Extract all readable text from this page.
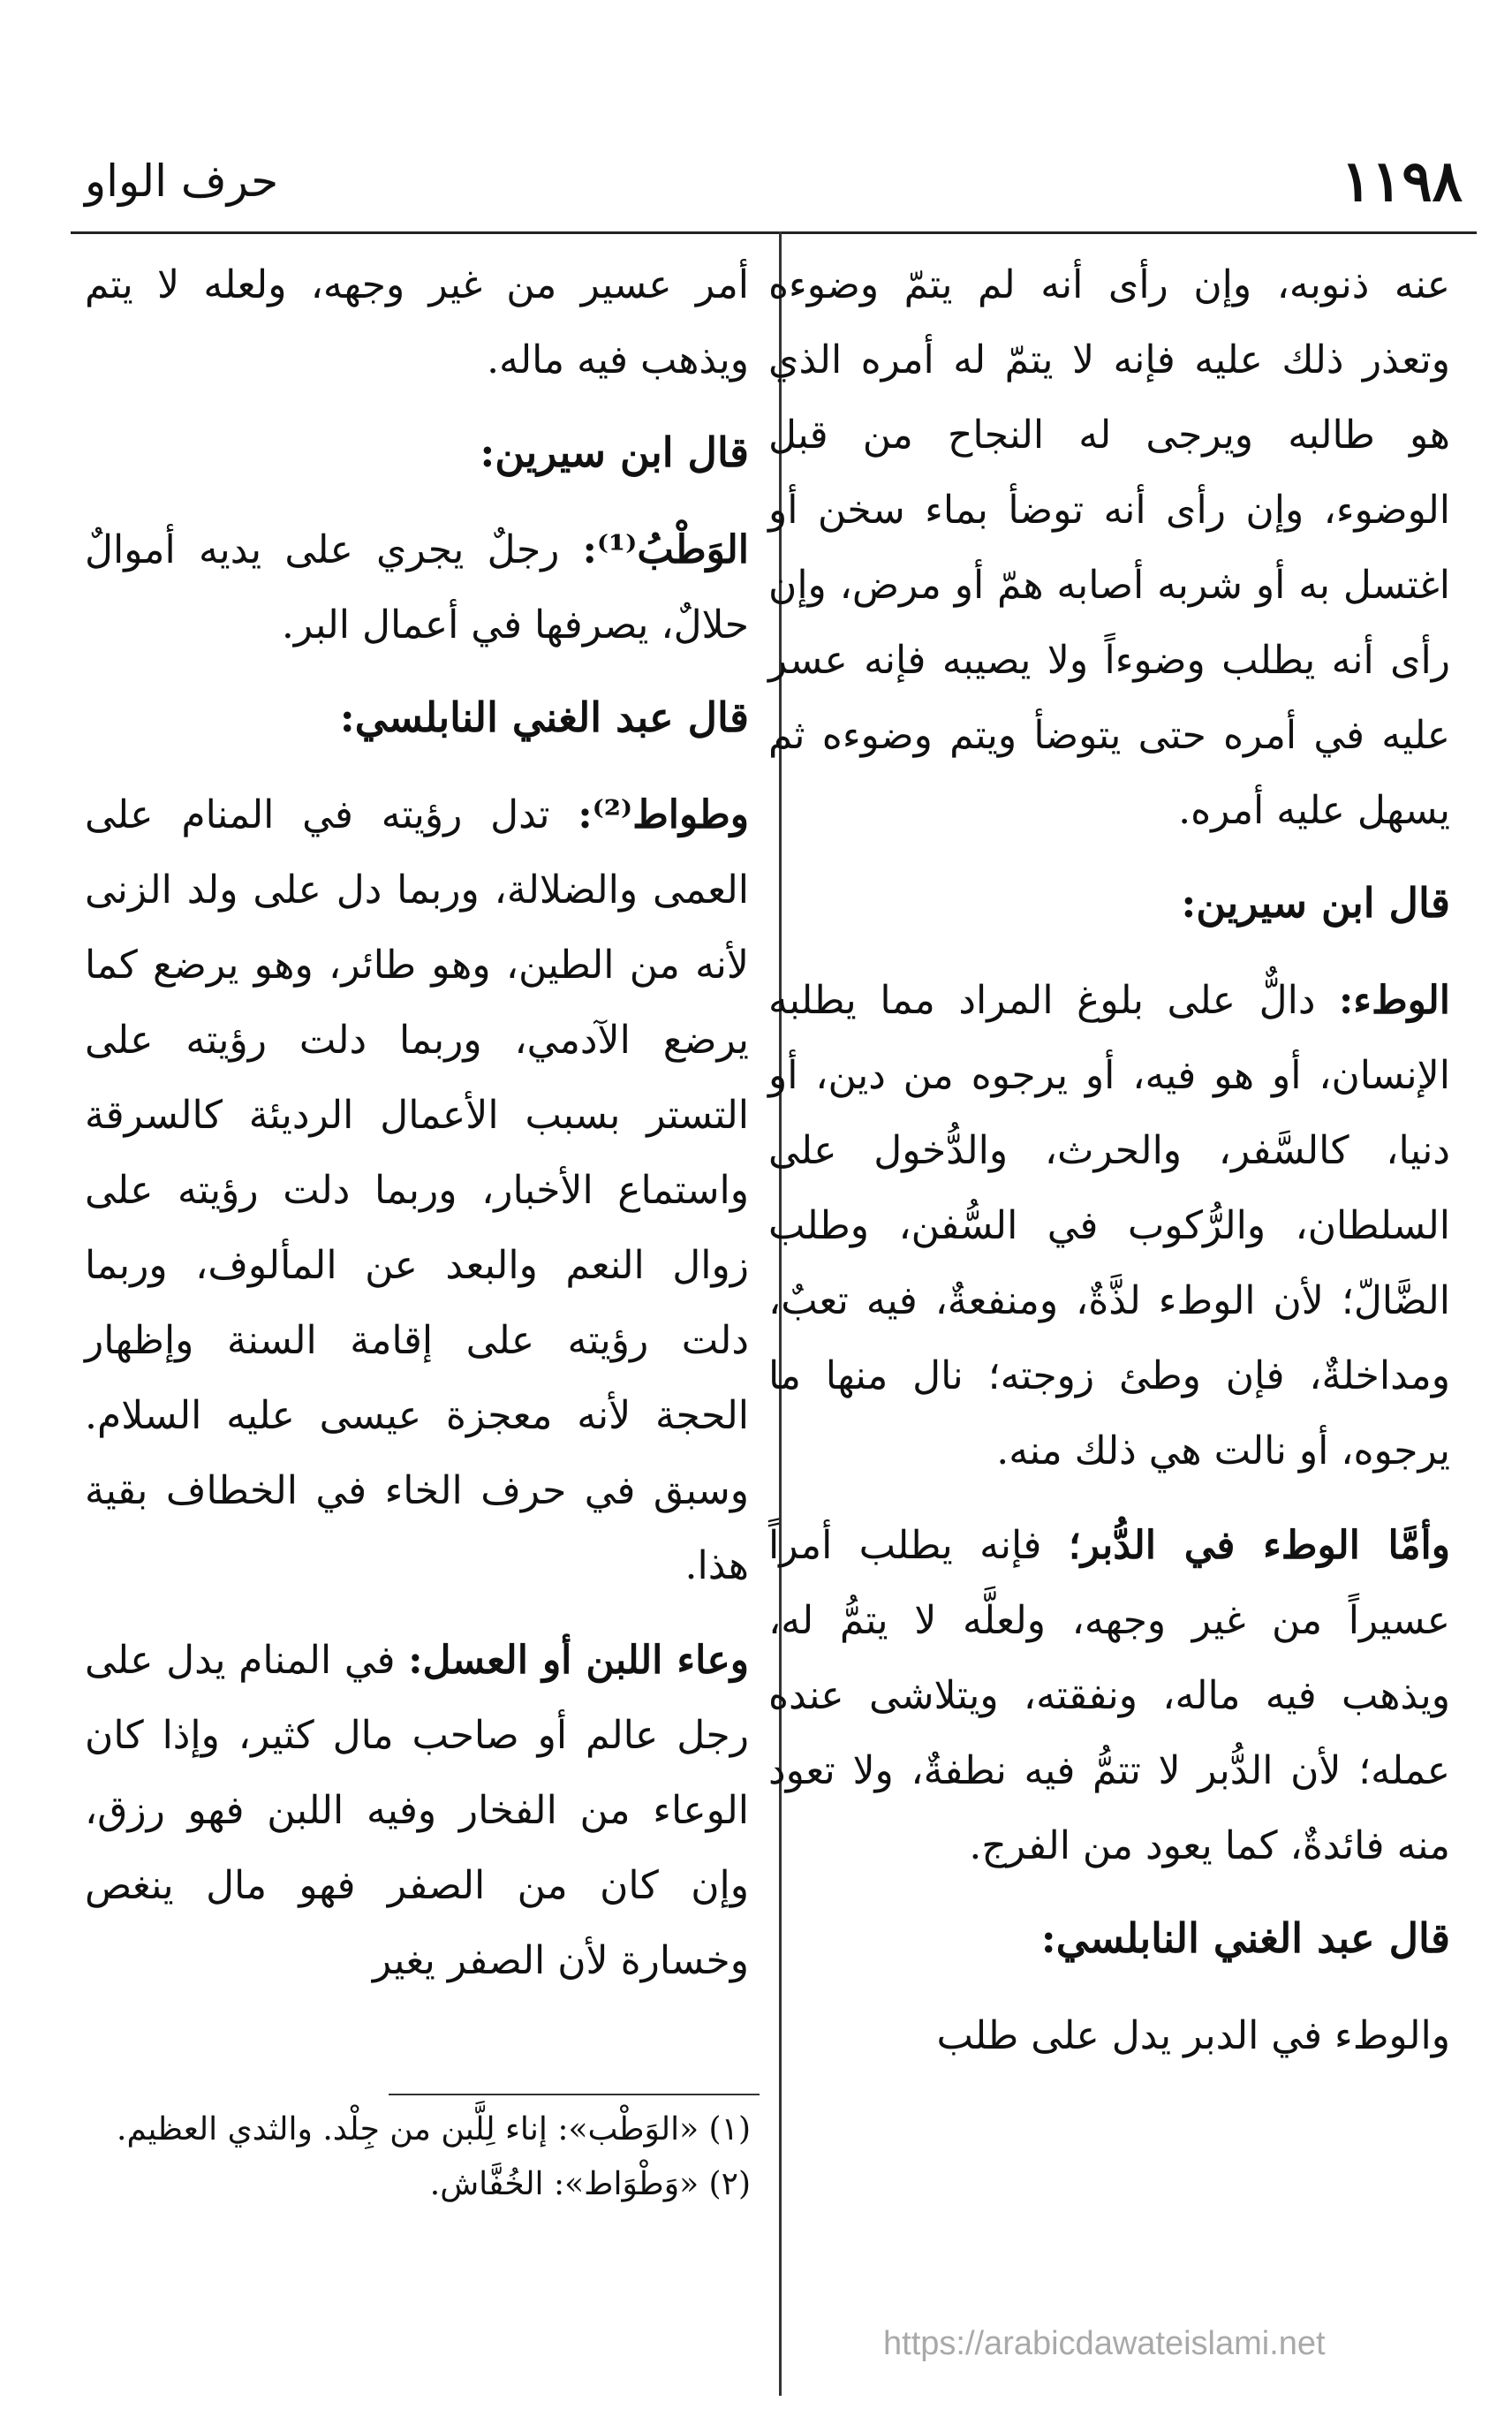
١١٩٨
حرف الواو

عنه ذنوبه، وإن رأى أنه لم يتمّ وضوءه وتعذر ذلك عليه فإنه لا يتمّ له أمره الذي هو طالبه ويرجى له النجاح من قبل الوضوء، وإن رأى أنه توضأ بماء سخن أو اغتسل به أو شربه أصابه همّ أو مرض، وإن رأى أنه يطلب وضوءاً ولا يصيبه فإنه عسر عليه في أمره حتى يتوضأ ويتم وضوءه ثم يسهل عليه أمره.

قال ابن سيرين:

الوطء: دالٌّ على بلوغ المراد مما يطلبه الإنسان، أو هو فيه، أو يرجوه من دين، أو دنيا، كالسَّفر، والحرث، والدُّخول على السلطان، والرُّكوب في السُّفن، وطلب الضَّالّ؛ لأن الوطء لذَّةٌ، ومنفعةٌ، فيه تعبٌ، ومداخلةٌ، فإن وطئ زوجته؛ نال منها ما يرجوه، أو نالت هي ذلك منه.

وأمَّا الوطء في الدُّبر؛ فإنه يطلب أمراً عسيراً من غير وجهه، ولعلَّه لا يتمُّ له، ويذهب فيه ماله، ونفقته، ويتلاشى عنده عمله؛ لأن الدُّبر لا تتمُّ فيه نطفةٌ، ولا تعود منه فائدةٌ، كما يعود من الفرج.

قال عبد الغني النابلسي:

والوطء في الدبر يدل على طلب

أمر عسير من غير وجهه، ولعله لا يتم ويذهب فيه ماله.

قال ابن سيرين:

الوَطْبُ⁽¹⁾: رجلٌ يجري على يديه أموالٌ حلالٌ، يصرفها في أعمال البر.

قال عبد الغني النابلسي:

وطواط⁽²⁾: تدل رؤيته في المنام على العمى والضلالة، وربما دل على ولد الزنى لأنه من الطين، وهو طائر، وهو يرضع كما يرضع الآدمي، وربما دلت رؤيته على التستر بسبب الأعمال الرديئة كالسرقة واستماع الأخبار، وربما دلت رؤيته على زوال النعم والبعد عن المألوف، وربما دلت رؤيته على إقامة السنة وإظهار الحجة لأنه معجزة عيسى عليه السلام. وسبق في حرف الخاء في الخطاف بقية هذا.

وعاء اللبن أو العسل: في المنام يدل على رجل عالم أو صاحب مال كثير، وإذا كان الوعاء من الفخار وفيه اللبن فهو رزق، وإن كان من الصفر فهو مال ينغص وخسارة لأن الصفر يغير

(١) «الوَطْب»: إناء لِلَّبن من جِلْد. والثدي العظيم.

(٢) «وَطْوَاط»: الخُفَّاش.

https://arabicdawateislami.net
